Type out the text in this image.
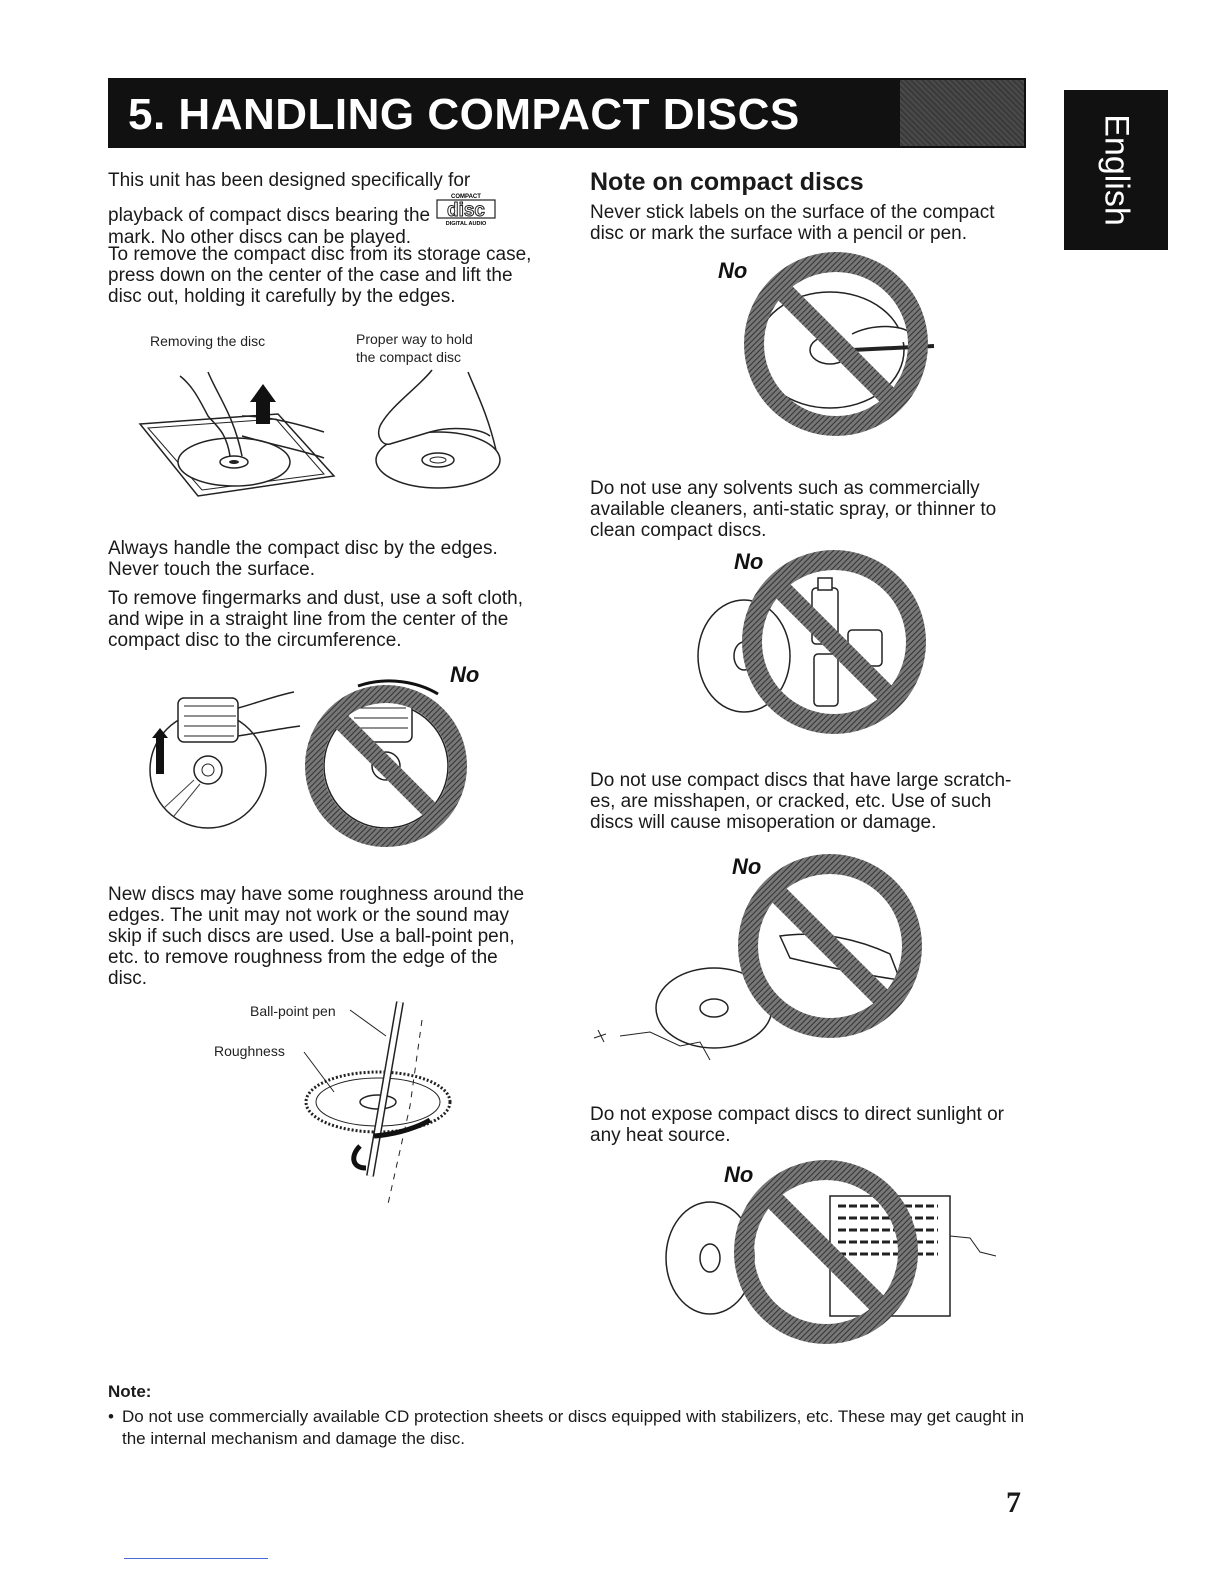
5. HANDLING COMPACT DISCS	English
This unit has been designed specifically for playback of compact discs bearing the
COMPACT
disc
DIGITAL AUDIO
mark. No other discs can be played.
To remove the compact disc from its storage case, press down on the center of the case and lift the disc out, holding it carefully by the edges.
Removing the disc	Proper way to hold the compact disc
Always handle the compact disc by the edges. Never touch the surface.
To remove fingermarks and dust, use a soft cloth, and wipe in a straight line from the center of the compact disc to the circumference.
No
New discs may have some roughness around the edges. The unit may not work or the sound may skip if such discs are used. Use a ball-point pen, etc. to remove roughness from the edge of the disc.
Ball-point pen
Roughness
Note on compact discs
Never stick labels on the surface of the compact disc or mark the surface with a pencil or pen.
No
Do not use any solvents such as commercially available cleaners, anti-static spray, or thinner to clean compact discs.
No
Do not use compact discs that have large scratch-es, are misshapen, or cracked, etc. Use of such discs will cause misoperation or damage.
No
Do not expose compact discs to direct sunlight or any heat source.
No
Note:
• Do not use commercially available CD protection sheets or discs equipped with stabilizers, etc. These may get caught in the internal mechanism and damage the disc.
7
